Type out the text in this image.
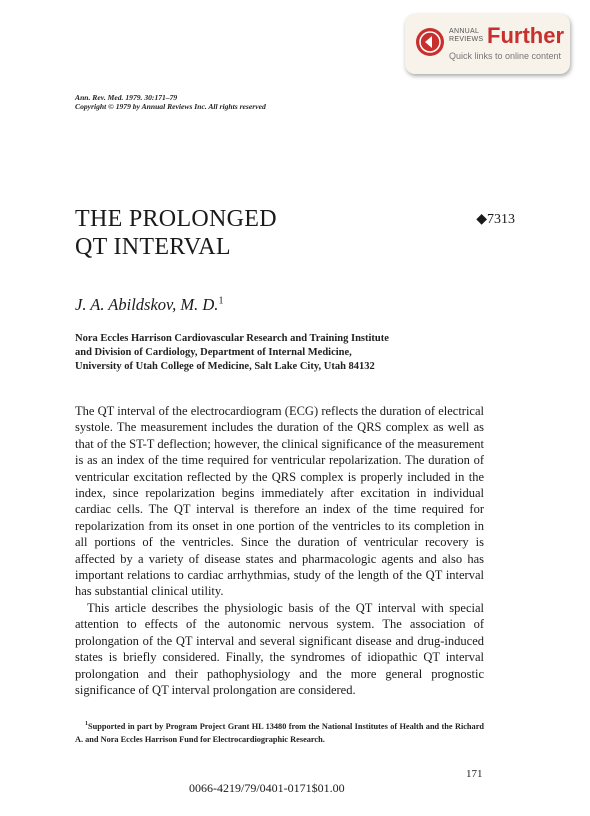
ANNUAL
REVIEWS Further
Quick links to online content
Ann. Rev. Med. 1979. 30:171–79
Copyright © 1979 by Annual Reviews Inc. All rights reserved
THE PROLONGED
QT INTERVAL
◆7313
J. A. Abildskov, M. D.$^1$
Nora Eccles Harrison Cardiovascular Research and Training Institute
and Division of Cardiology, Department of Internal Medicine,
University of Utah College of Medicine, Salt Lake City, Utah 84132

The QT interval of the electrocardiogram (ECG) reflects the duration of electrical systole. The measurement includes the duration of the QRS complex as well as that of the ST-T deflection; however, the clinical significance of the measurement is as an index of the time required for ventricular repolarization. The duration of ventricular excitation reflected by the QRS complex is properly included in the index, since repolarization begins immediately after excitation in individual cardiac cells. The QT interval is therefore an index of the time required for repolarization from its onset in one portion of the ventricles to its completion in all portions of the ventricles. Since the duration of ventricular recovery is affected by a variety of disease states and pharmacologic agents and also has important relations to cardiac arrhythmias, study of the length of the QT interval has substantial clinical utility.

This article describes the physiologic basis of the QT interval with special attention to effects of the autonomic nervous system. The association of prolongation of the QT interval and several significant disease and drug-induced states is briefly considered. Finally, the syndromes of idiopathic QT interval prolongation and their pathophysiology and the more general prognostic significance of QT interval prolongation are considered.

$^1$Supported in part by Program Project Grant HL 13480 from the National Institutes of Health and the Richard A. and Nora Eccles Harrison Fund for Electrocardiographic Research.
171
0066-4219/79/0401-0171$01.00
